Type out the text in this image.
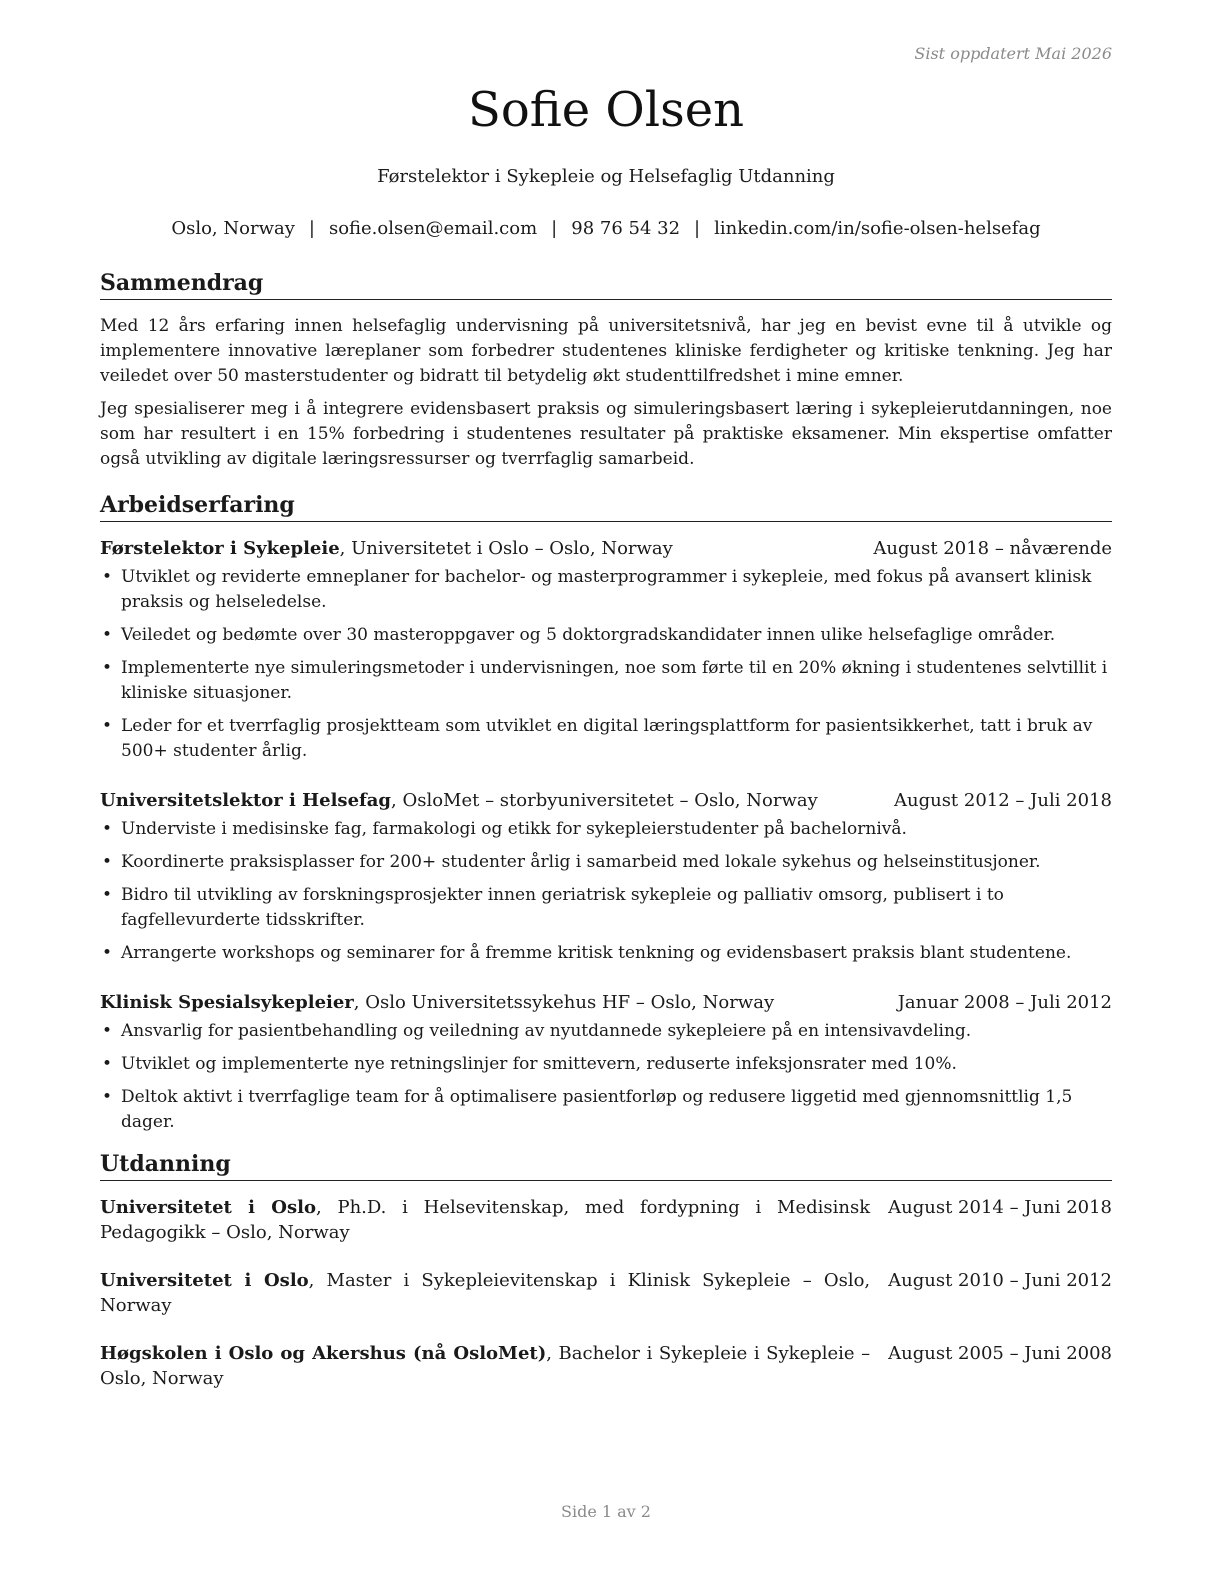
Sist oppdatert Mai 2026
Sofie Olsen
Førstelektor i Sykepleie og Helsefaglig Utdanning
Oslo, Norway | sofie.olsen@email.com | 98 76 54 32 | linkedin.com/in/sofie-olsen-helsefag
Sammendrag

Med 12 års erfaring innen helsefaglig undervisning på universitetsnivå, har jeg en bevist evne til å utvikle og implementere innovative læreplaner som forbedrer studentenes kliniske ferdigheter og kritiske tenkning. Jeg har veiledet over 50 masterstudenter og bidratt til betydelig økt studenttilfredshet i mine emner.

Jeg spesialiserer meg i å integrere evidensbasert praksis og simuleringsbasert læring i sykepleierutdanningen, noe som har resultert i en 15% forbedring i studentenes resultater på praktiske eksamener. Min ekspertise omfatter også utvikling av digitale læringsressurser og tverrfaglig samarbeid.

Arbeidserfaring
Førstelektor i Sykepleie, Universitetet i Oslo – Oslo, Norway	August 2018 – nåværende
• Utviklet og reviderte emneplaner for bachelor- og masterprogrammer i sykepleie, med fokus på avansert klinisk praksis og helseledelse.
• Veiledet og bedømte over 30 masteroppgaver og 5 doktorgradskandidater innen ulike helsefaglige områder.
• Implementerte nye simuleringsmetoder i undervisningen, noe som førte til en 20% økning i studentenes selvtillit i kliniske situasjoner.
• Leder for et tverrfaglig prosjektteam som utviklet en digital læringsplattform for pasientsikkerhet, tatt i bruk av 500+ studenter årlig.
Universitetslektor i Helsefag, OsloMet – storbyuniversitetet – Oslo, Norway	August 2012 – Juli 2018
• Underviste i medisinske fag, farmakologi og etikk for sykepleierstudenter på bachelornivå.
• Koordinerte praksisplasser for 200+ studenter årlig i samarbeid med lokale sykehus og helseinstitusjoner.
• Bidro til utvikling av forskningsprosjekter innen geriatrisk sykepleie og palliativ omsorg, publisert i to fagfellevurderte tidsskrifter.
• Arrangerte workshops og seminarer for å fremme kritisk tenkning og evidensbasert praksis blant studentene.
Klinisk Spesialsykepleier, Oslo Universitetssykehus HF – Oslo, Norway	Januar 2008 – Juli 2012
• Ansvarlig for pasientbehandling og veiledning av nyutdannede sykepleiere på en intensivavdeling.
• Utviklet og implementerte nye retningslinjer for smittevern, reduserte infeksjonsrater med 10%.
• Deltok aktivt i tverrfaglige team for å optimalisere pasientforløp og redusere liggetid med gjennomsnittlig 1,5 dager.
Utdanning
Universitetet i Oslo, Ph.D. i Helsevitenskap, med fordypning i Medisinsk Pedagogikk – Oslo, Norway
August 2014 – Juni 2018
Universitetet i Oslo, Master i Sykepleievitenskap i Klinisk Sykepleie – Oslo, Norway
August 2010 – Juni 2012
Høgskolen i Oslo og Akershus (nå OsloMet), Bachelor i Sykepleie i Sykepleie – Oslo, Norway
August 2005 – Juni 2008
Side 1 av 2
